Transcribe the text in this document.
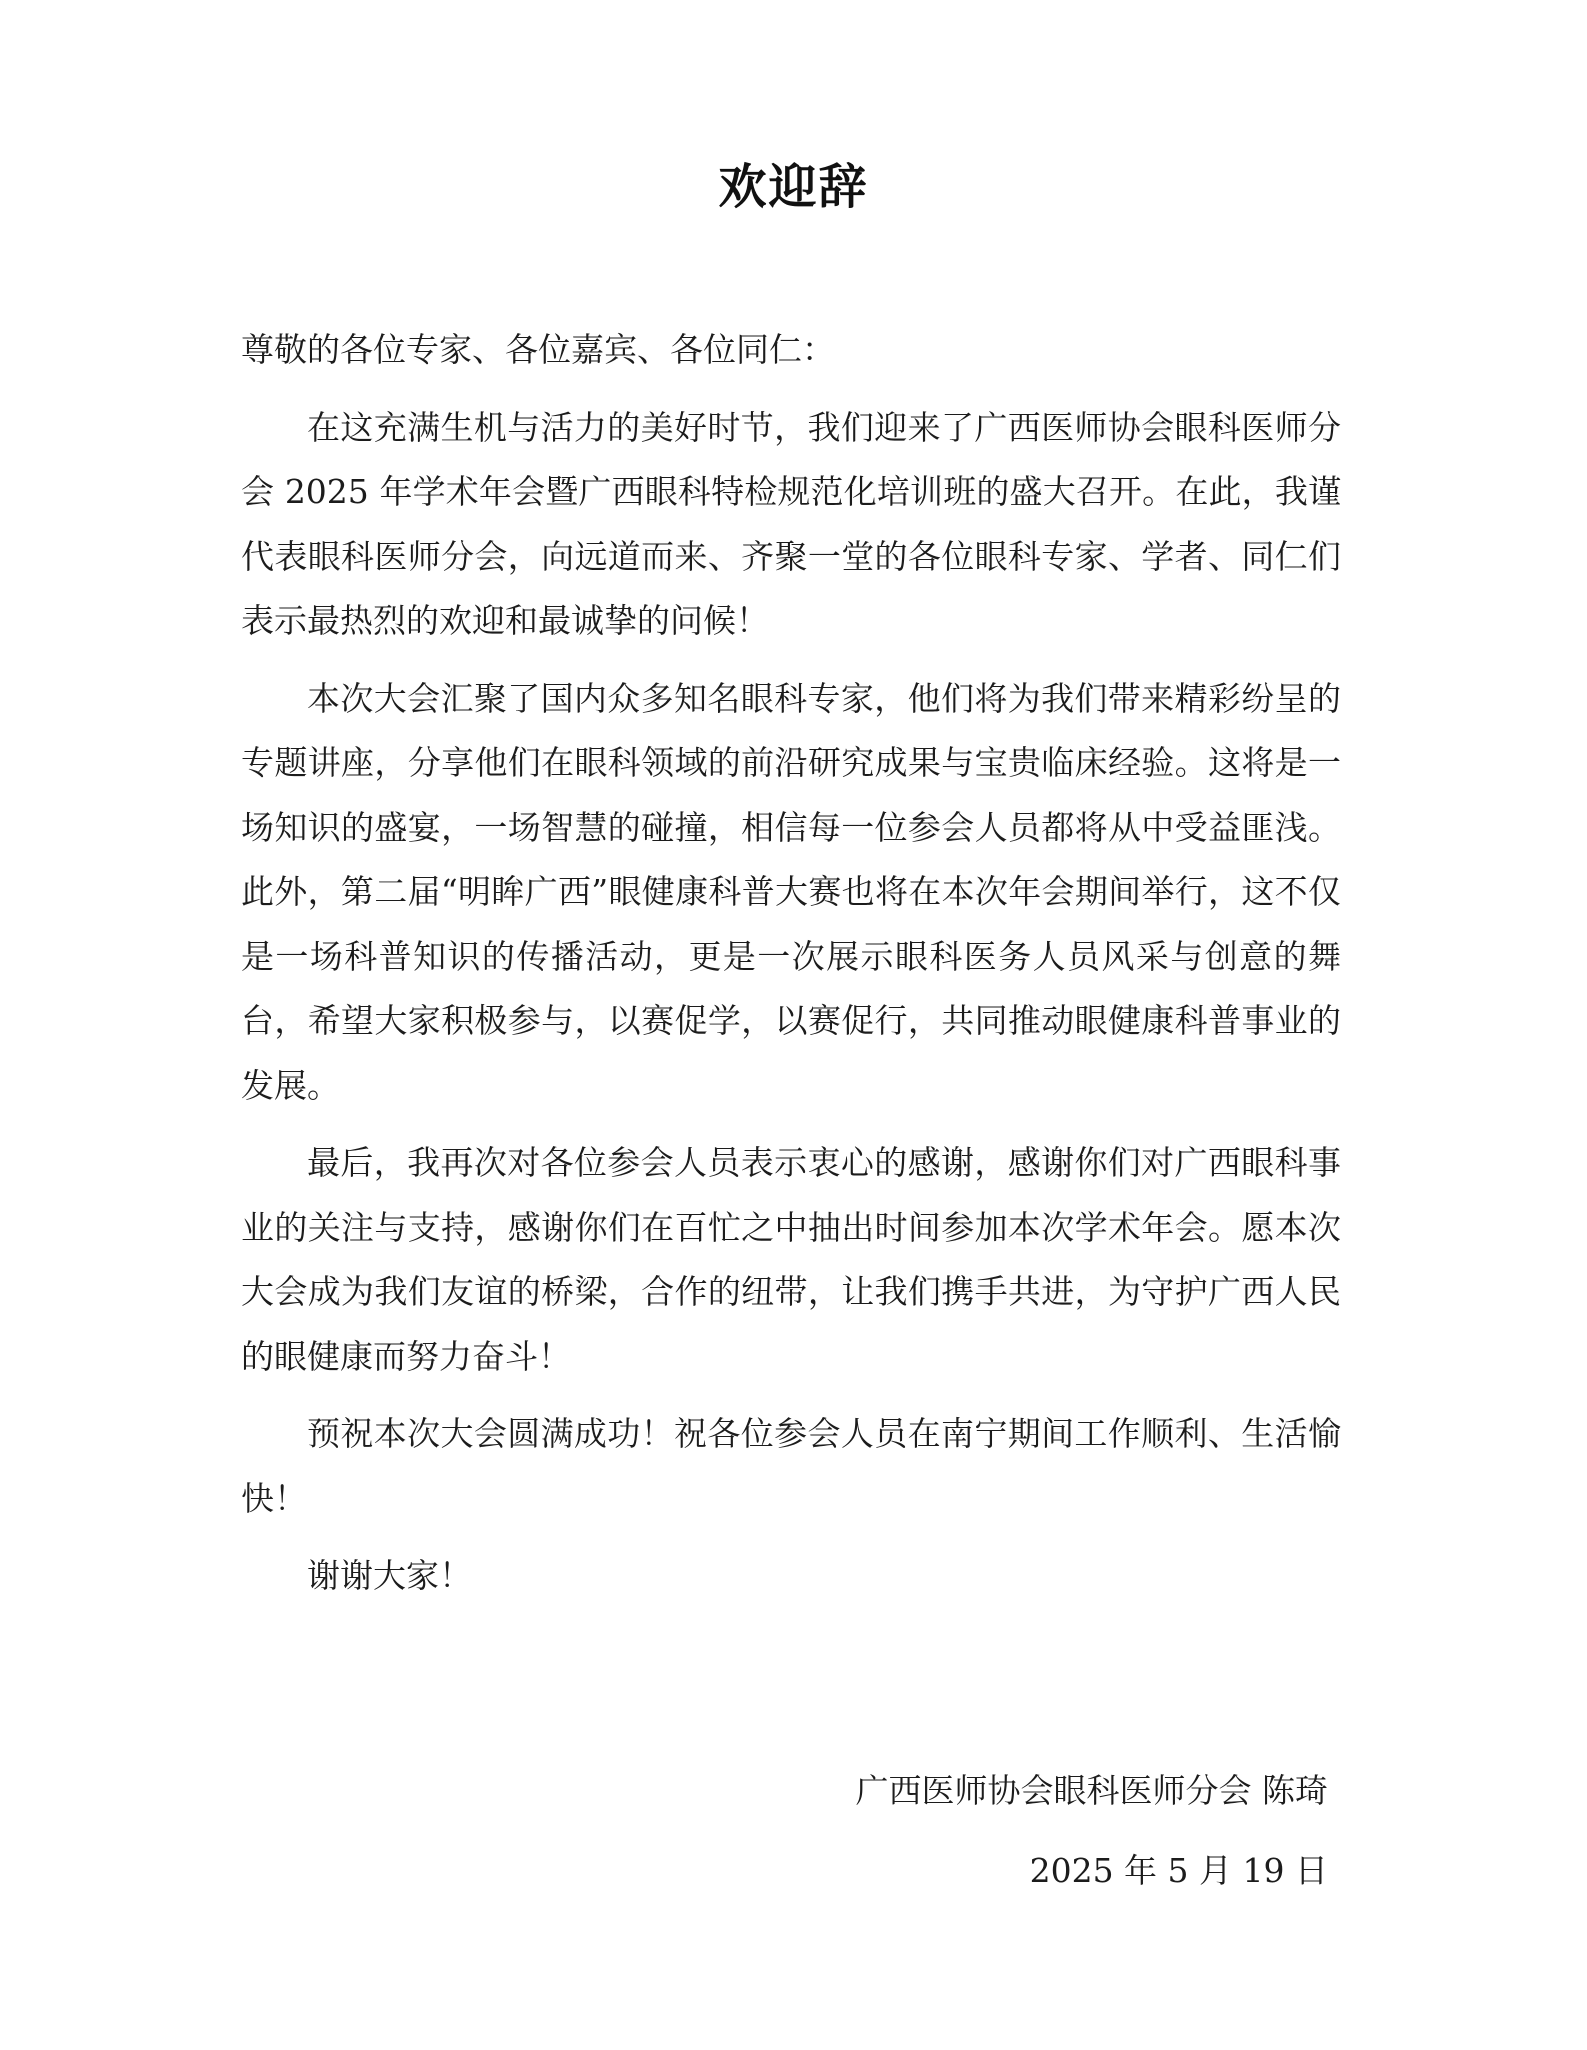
欢迎辞

尊敬的各位专家、各位嘉宾、各位同仁：

在这充满生机与活力的美好时节，我们迎来了广西医师协会眼科医师分会 2025 年学术年会暨广西眼科特检规范化培训班的盛大召开。在此，我谨代表眼科医师分会，向远道而来、齐聚一堂的各位眼科专家、学者、同仁们表示最热烈的欢迎和最诚挚的问候！

本次大会汇聚了国内众多知名眼科专家，他们将为我们带来精彩纷呈的专题讲座，分享他们在眼科领域的前沿研究成果与宝贵临床经验。这将是一场知识的盛宴，一场智慧的碰撞，相信每一位参会人员都将从中受益匪浅。此外，第二届“明眸广西”眼健康科普大赛也将在本次年会期间举行，这不仅是一场科普知识的传播活动，更是一次展示眼科医务人员风采与创意的舞台，希望大家积极参与，以赛促学，以赛促行，共同推动眼健康科普事业的发展。

最后，我再次对各位参会人员表示衷心的感谢，感谢你们对广西眼科事业的关注与支持，感谢你们在百忙之中抽出时间参加本次学术年会。愿本次大会成为我们友谊的桥梁，合作的纽带，让我们携手共进，为守护广西人民的眼健康而努力奋斗！

预祝本次大会圆满成功！祝各位参会人员在南宁期间工作顺利、生活愉快！

谢谢大家！

广西医师协会眼科医师分会 陈琦
2025 年 5 月 19 日
